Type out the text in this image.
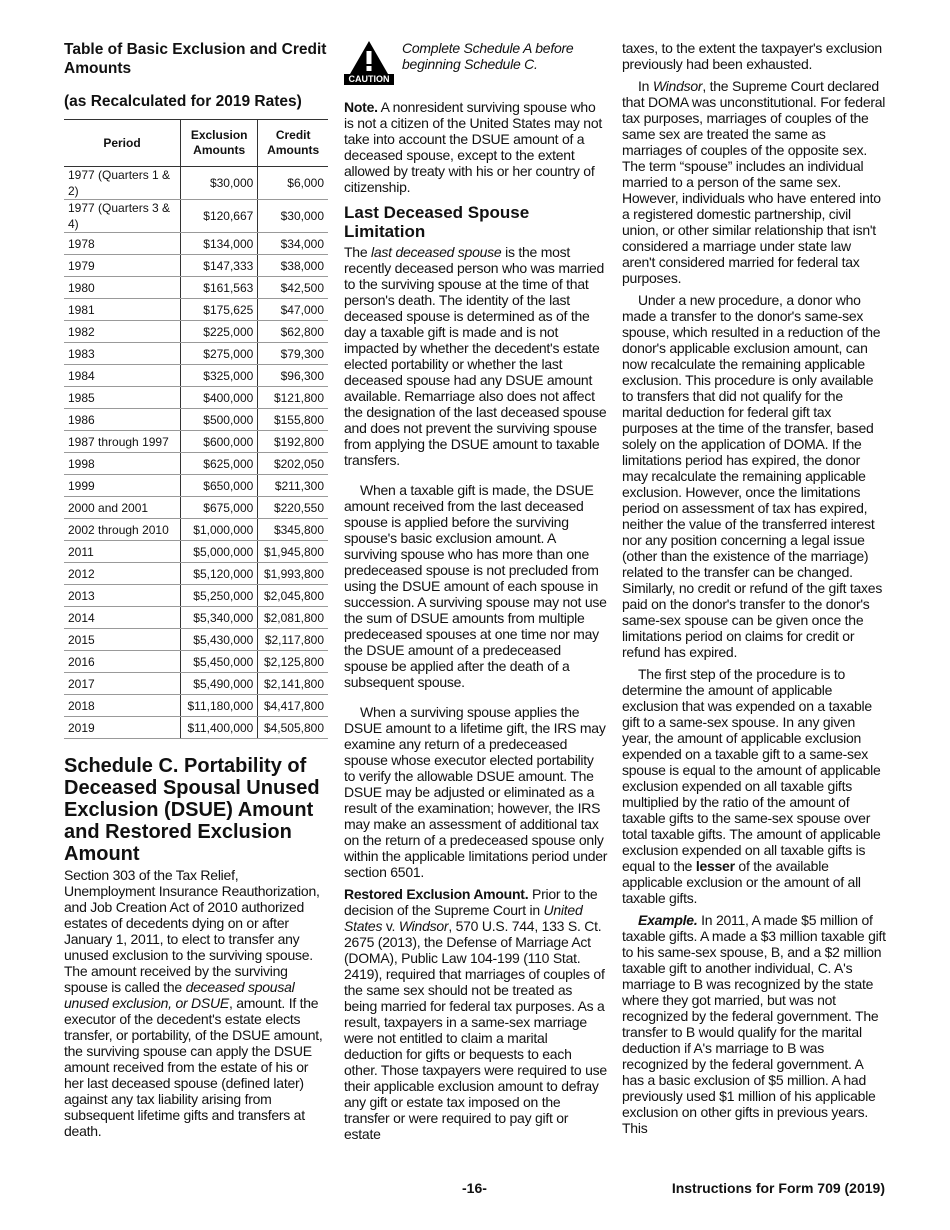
Table of Basic Exclusion and Credit Amounts
(as Recalculated for 2019 Rates)
Period	Exclusion Amounts	Credit Amounts
1977 (Quarters 1 & 2)	$30,000	$6,000
1977 (Quarters 3 & 4)	$120,667	$30,000
1978	$134,000	$34,000
1979	$147,333	$38,000
1980	$161,563	$42,500
1981	$175,625	$47,000
1982	$225,000	$62,800
1983	$275,000	$79,300
1984	$325,000	$96,300
1985	$400,000	$121,800
1986	$500,000	$155,800
1987 through 1997	$600,000	$192,800
1998	$625,000	$202,050
1999	$650,000	$211,300
2000 and 2001	$675,000	$220,550
2002 through 2010	$1,000,000	$345,800
2011	$5,000,000	$1,945,800
2012	$5,120,000	$1,993,800
2013	$5,250,000	$2,045,800
2014	$5,340,000	$2,081,800
2015	$5,430,000	$2,117,800
2016	$5,450,000	$2,125,800
2017	$5,490,000	$2,141,800
2018	$11,180,000	$4,417,800
2019	$11,400,000	$4,505,800
Schedule C. Portability of Deceased Spousal Unused Exclusion (DSUE) Amount and Restored Exclusion Amount

Section 303 of the Tax Relief, Unemployment Insurance Reauthorization, and Job Creation Act of 2010 authorized estates of decedents dying on or after January 1, 2011, to elect to transfer any unused exclusion to the surviving spouse. The amount received by the surviving spouse is called the deceased spousal unused exclusion, or DSUE, amount. If the executor of the decedent's estate elects transfer, or portability, of the DSUE amount, the surviving spouse can apply the DSUE amount received from the estate of his or her last deceased spouse (defined later) against any tax liability arising from subsequent lifetime gifts and transfers at death.

CAUTION
Complete Schedule A before beginning Schedule C.

Note. A nonresident surviving spouse who is not a citizen of the United States may not take into account the DSUE amount of a deceased spouse, except to the extent allowed by treaty with his or her country of citizenship.

Last Deceased Spouse Limitation

The last deceased spouse is the most recently deceased person who was married to the surviving spouse at the time of that person's death. The identity of the last deceased spouse is determined as of the day a taxable gift is made and is not impacted by whether the decedent's estate elected portability or whether the last deceased spouse had any DSUE amount available. Remarriage also does not affect the designation of the last deceased spouse and does not prevent the surviving spouse from applying the DSUE amount to taxable transfers.

When a taxable gift is made, the DSUE amount received from the last deceased spouse is applied before the surviving spouse's basic exclusion amount. A surviving spouse who has more than one predeceased spouse is not precluded from using the DSUE amount of each spouse in succession. A surviving spouse may not use the sum of DSUE amounts from multiple predeceased spouses at one time nor may the DSUE amount of a predeceased spouse be applied after the death of a subsequent spouse.

When a surviving spouse applies the DSUE amount to a lifetime gift, the IRS may examine any return of a predeceased spouse whose executor elected portability to verify the allowable DSUE amount. The DSUE may be adjusted or eliminated as a result of the examination; however, the IRS may make an assessment of additional tax on the return of a predeceased spouse only within the applicable limitations period under section 6501.

Restored Exclusion Amount. Prior to the decision of the Supreme Court in United States v. Windsor, 570 U.S. 744, 133 S. Ct. 2675 (2013), the Defense of Marriage Act (DOMA), Public Law 104-199 (110 Stat. 2419), required that marriages of couples of the same sex should not be treated as being married for federal tax purposes. As a result, taxpayers in a same-sex marriage were not entitled to claim a marital deduction for gifts or bequests to each other. Those taxpayers were required to use their applicable exclusion amount to defray any gift or estate tax imposed on the transfer or were required to pay gift or estate

taxes, to the extent the taxpayer's exclusion previously had been exhausted.

In Windsor, the Supreme Court declared that DOMA was unconstitutional. For federal tax purposes, marriages of couples of the same sex are treated the same as marriages of couples of the opposite sex. The term “spouse” includes an individual married to a person of the same sex. However, individuals who have entered into a registered domestic partnership, civil union, or other similar relationship that isn't considered a marriage under state law aren't considered married for federal tax purposes.

Under a new procedure, a donor who made a transfer to the donor's same-sex spouse, which resulted in a reduction of the donor's applicable exclusion amount, can now recalculate the remaining applicable exclusion. This procedure is only available to transfers that did not qualify for the marital deduction for federal gift tax purposes at the time of the transfer, based solely on the application of DOMA. If the limitations period has expired, the donor may recalculate the remaining applicable exclusion. However, once the limitations period on assessment of tax has expired, neither the value of the transferred interest nor any position concerning a legal issue (other than the existence of the marriage) related to the transfer can be changed. Similarly, no credit or refund of the gift taxes paid on the donor's transfer to the donor's same-sex spouse can be given once the limitations period on claims for credit or refund has expired.

The first step of the procedure is to determine the amount of applicable exclusion that was expended on a taxable gift to a same-sex spouse. In any given year, the amount of applicable exclusion expended on a taxable gift to a same-sex spouse is equal to the amount of applicable exclusion expended on all taxable gifts multiplied by the ratio of the amount of taxable gifts to the same-sex spouse over total taxable gifts. The amount of applicable exclusion expended on all taxable gifts is equal to the lesser of the available applicable exclusion or the amount of all taxable gifts.

Example. In 2011, A made $5 million of taxable gifts. A made a $3 million taxable gift to his same-sex spouse, B, and a $2 million taxable gift to another individual, C. A's marriage to B was recognized by the state where they got married, but was not recognized by the federal government. The transfer to B would qualify for the marital deduction if A's marriage to B was recognized by the federal government. A has a basic exclusion of $5 million. A had previously used $1 million of his applicable exclusion on other gifts in previous years. This

-16-	Instructions for Form 709 (2019)
